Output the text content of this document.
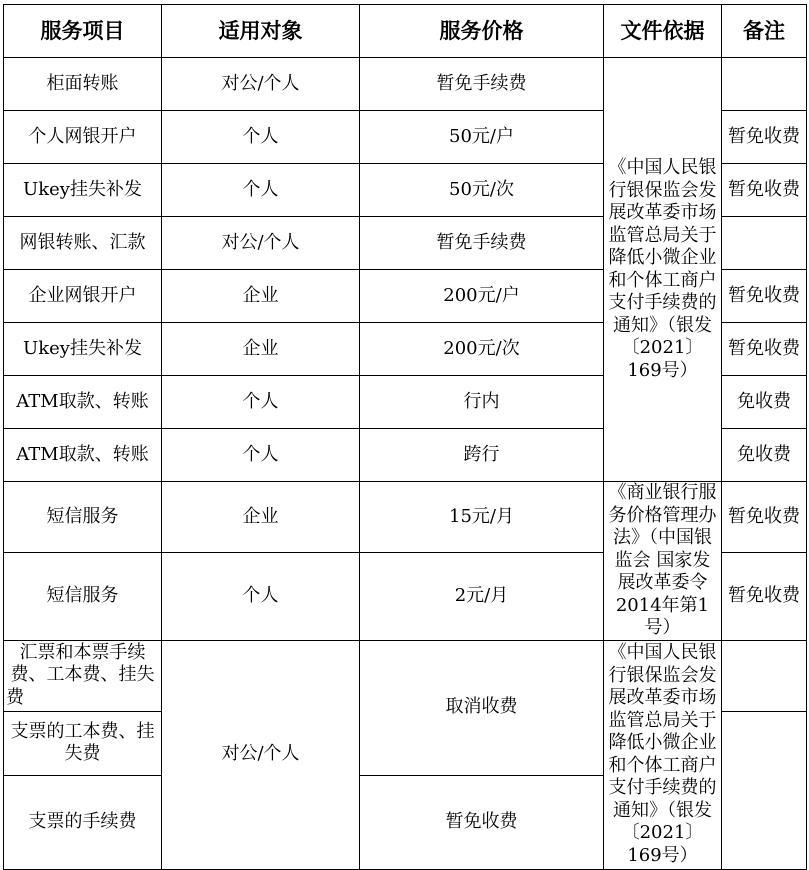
服务项目	适用对象	服务价格	文件依据	备注
柜面转账	对公/个人	暂免手续费	《中国人民银行银保监会发展改革委市场监管总局关于降低小微企业和个体工商户支付手续费的通知》（银发〔2021〕169号）	
个人网银开户	个人	50元/户		暂免收费
Ukey挂失补发	个人	50元/次		暂免收费
网银转账、汇款	对公/个人	暂免手续费		
企业网银开户	企业	200元/户		暂免收费
Ukey挂失补发	企业	200元/次		暂免收费
ATM取款、转账	个人	行内		免收费
ATM取款、转账	个人	跨行		免收费
短信服务	企业	15元/月	《商业银行服务价格管理办法》（中国银监会 国家发展改革委令2014年第1号）	暂免收费
短信服务	个人	2元/月		暂免收费
汇票和本票手续费、工本费、挂失费	对公/个人	取消收费	《中国人民银行银保监会发展改革委市场监管总局关于降低小微企业和个体工商户支付手续费的通知》（银发〔2021〕169号）	
支票的工本费、挂失费				
支票的手续费		暂免收费		
